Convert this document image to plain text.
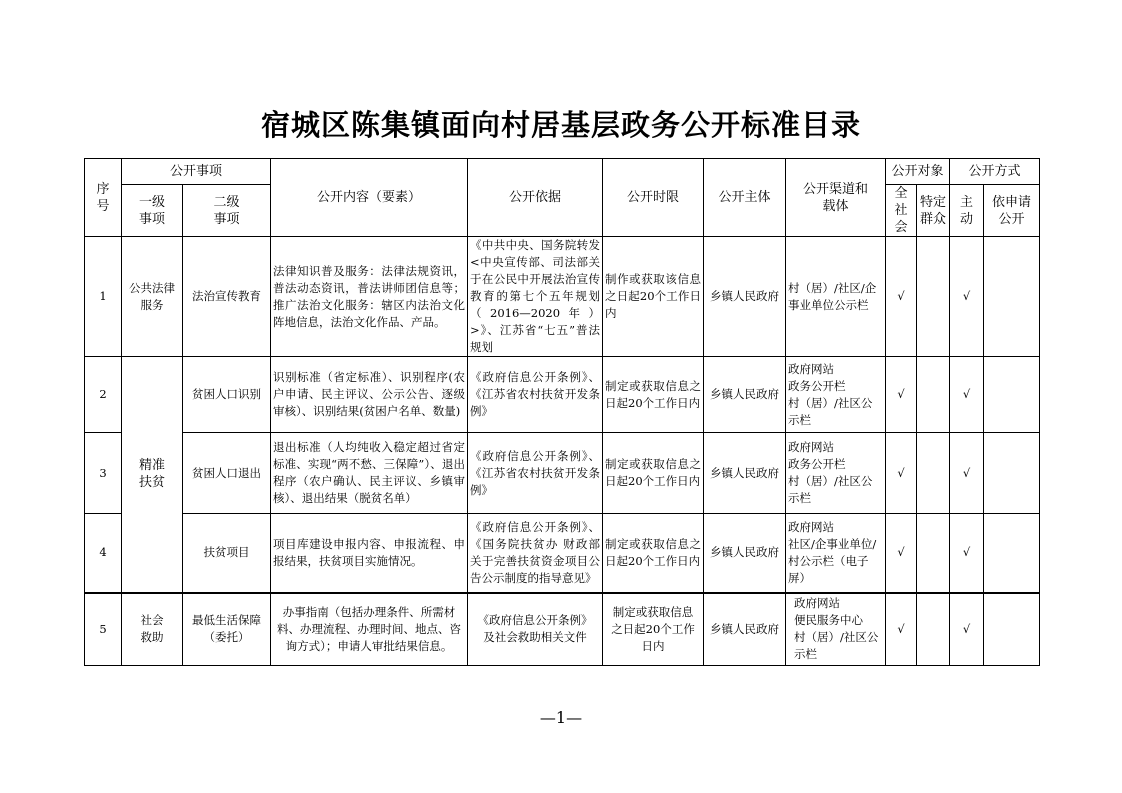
宿城区陈集镇面向村居基层政务公开标准目录
序号	公开事项		公开内容（要素）	公开依据	公开时限	公开主体	公开渠道和载体	公开对象		公开方式	
	一级事项	二级事项						全社会	特定群众	主动	依申请公开
1	公共法律服务	法治宣传教育	法律知识普及服务：法律法规资讯，普法动态资讯，普法讲师团信息等；推广法治文化服务：辖区内法治文化阵地信息，法治文化作品、产品。	《中共中央、国务院转发<中央宣传部、司法部关于在公民中开展法治宣传教育的第七个五年规划（2016—2020年）>》、江苏省“七五”普法规划	制作或获取该信息之日起20个工作日内	乡镇人民政府	村（居）/社区/企事业单位公示栏	√		√	
2	精准扶贫	贫困人口识别	识别标准（省定标准）、识别程序(农户申请、民主评议、公示公告、逐级审核）、识别结果(贫困户名单、数量)	《政府信息公开条例》、《江苏省农村扶贫开发条例》	制定或获取信息之日起20个工作日内	乡镇人民政府	政府网站
政务公开栏
村（居）/社区公示栏	√		√	
3		贫困人口退出	退出标准（人均纯收入稳定超过省定标准、实现“两不愁、三保障”）、退出程序（农户确认、民主评议、乡镇审核）、退出结果（脱贫名单）	《政府信息公开条例》、《江苏省农村扶贫开发条例》	制定或获取信息之日起20个工作日内	乡镇人民政府	政府网站
政务公开栏
村（居）/社区公示栏	√		√	
4		扶贫项目	项目库建设申报内容、申报流程、申报结果，扶贫项目实施情况。	《政府信息公开条例》、《国务院扶贫办 财政部关于完善扶贫资金项目公告公示制度的指导意见》	制定或获取信息之日起20个工作日内	乡镇人民政府	政府网站
社区/企事业单位/村公示栏（电子屏）	√		√	
5	社会救助	最低生活保障（委托）	办事指南（包括办理条件、所需材料、办理流程、办理时间、地点、咨询方式）；申请人审批结果信息。	《政府信息公开条例》及社会救助相关文件	制定或获取信息之日起20个工作日内	乡镇人民政府	政府网站
便民服务中心
村（居）/社区公示栏	√		√	
—1—
